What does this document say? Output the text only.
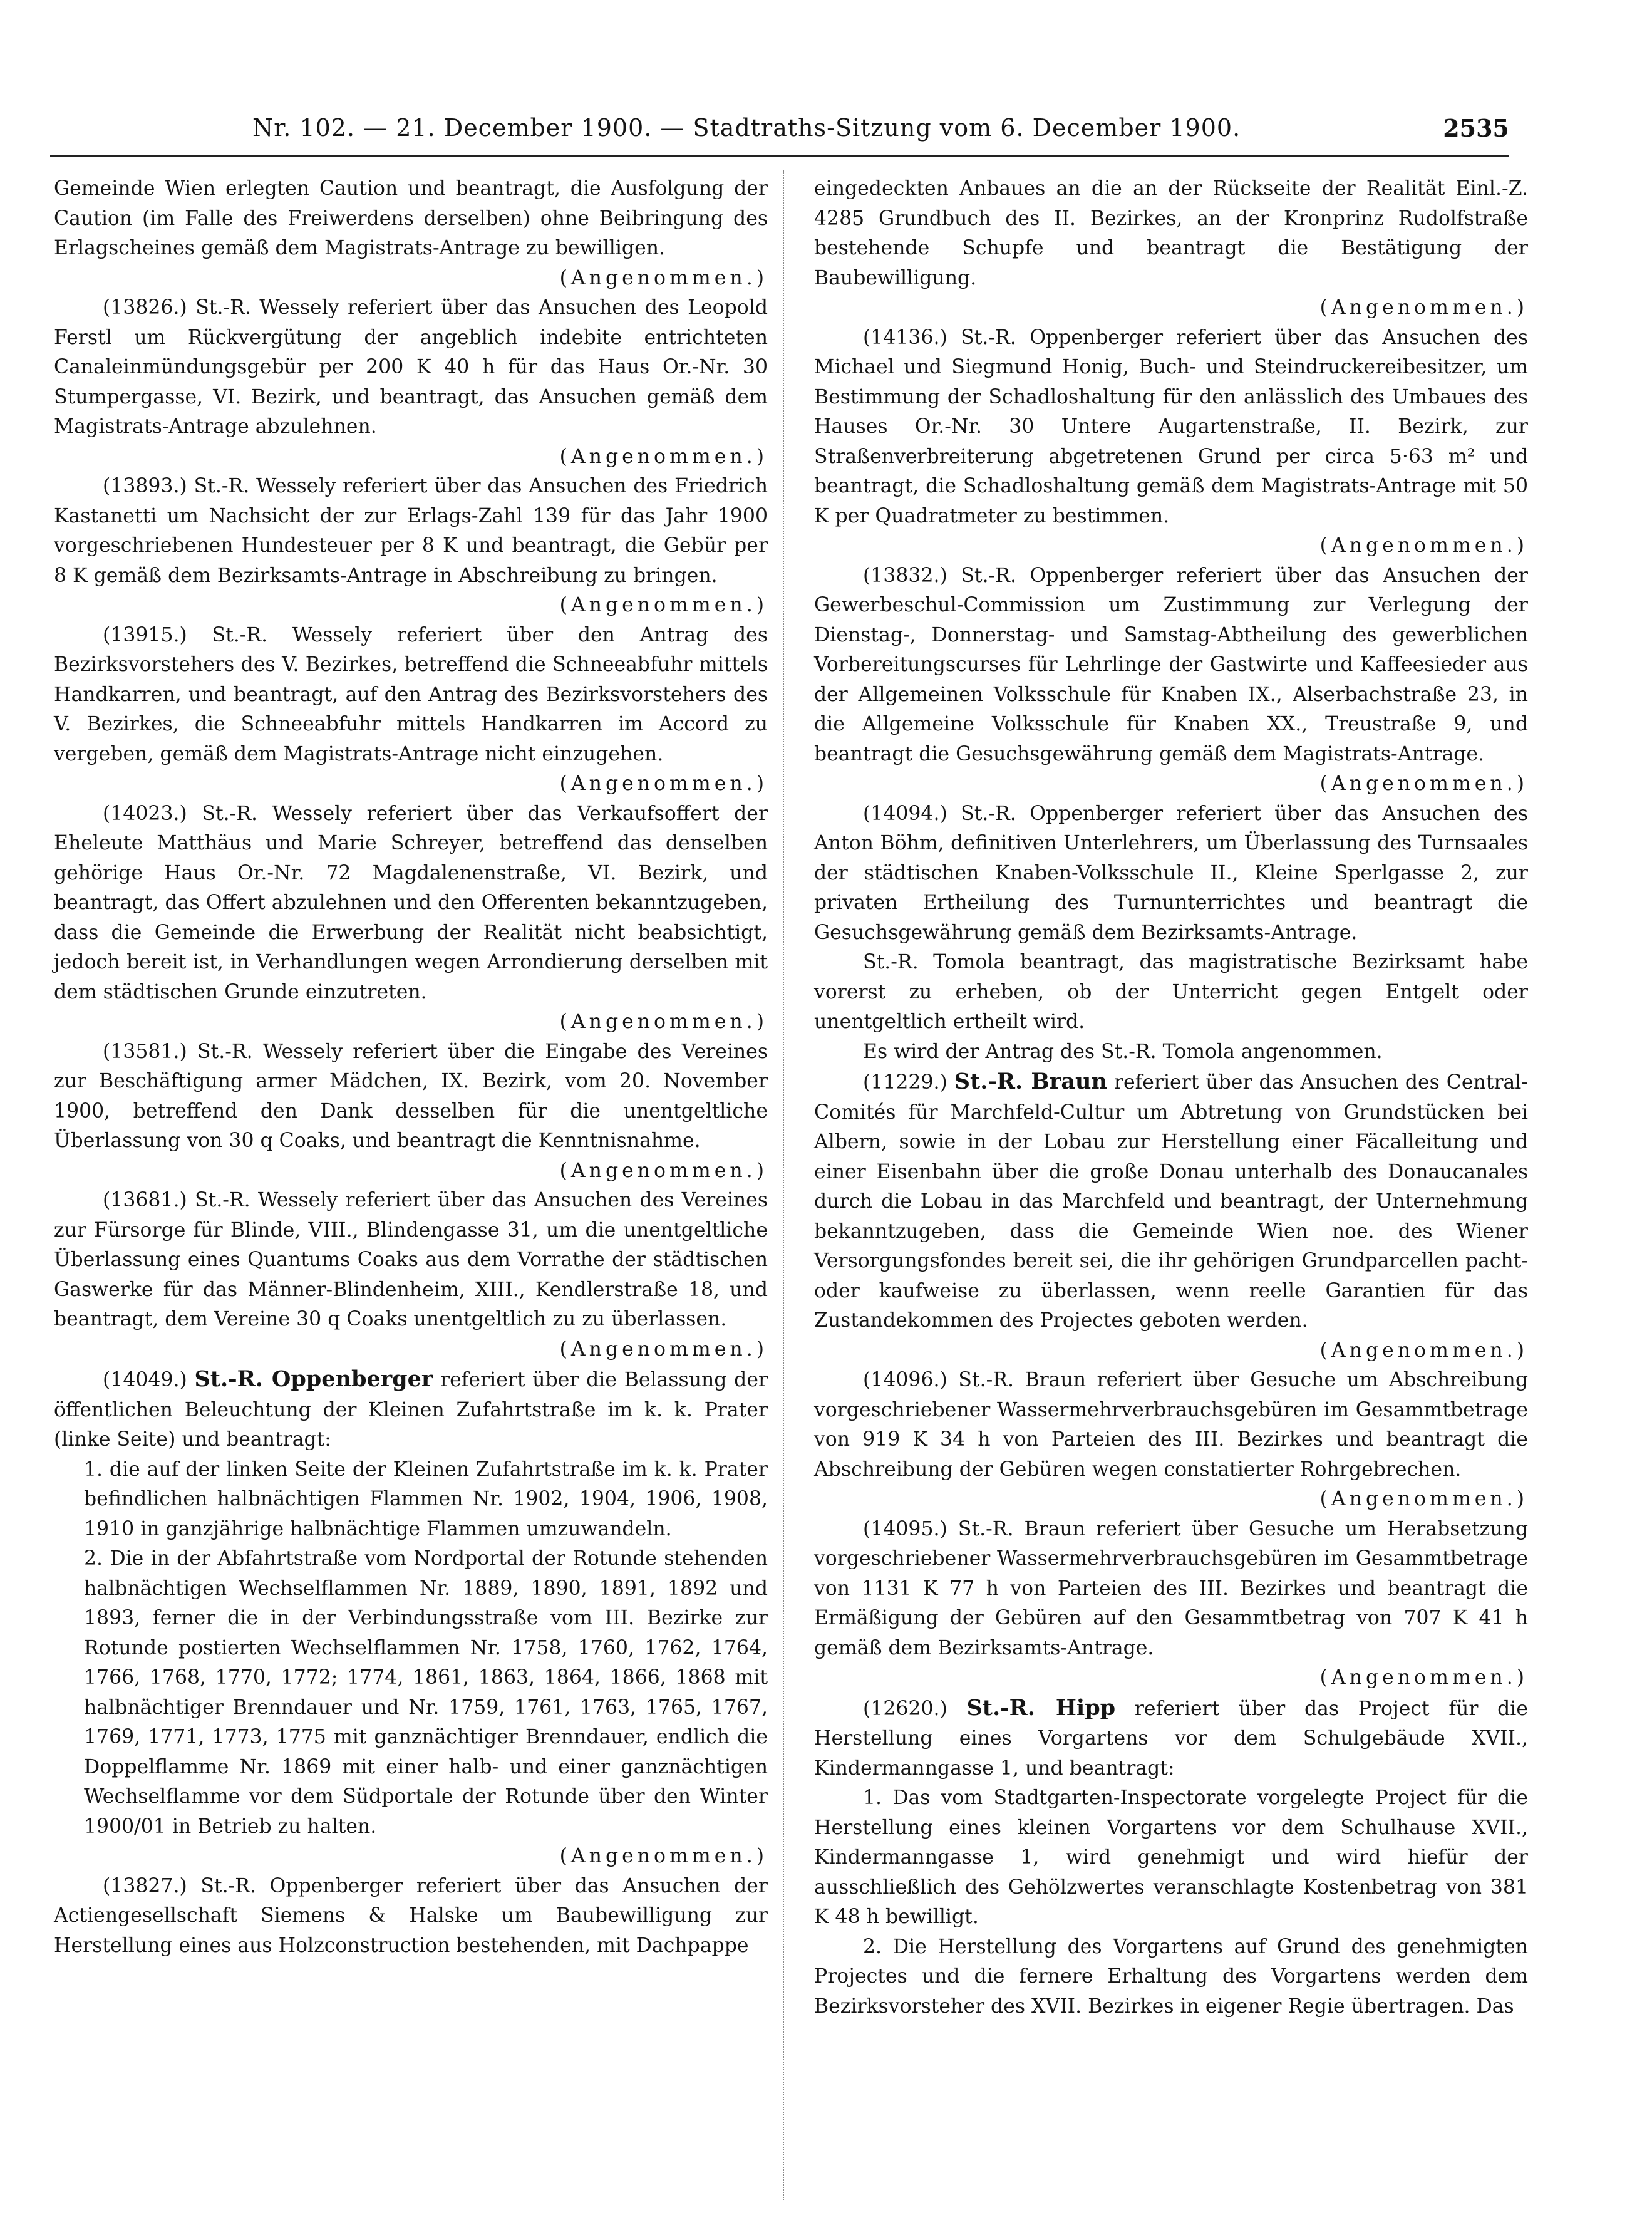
Nr. 102. — 21. December 1900. — Stadtraths-Sitzung vom 6. December 1900.	2535

Gemeinde Wien erlegten Caution und beantragt, die Ausfolgung der Caution (im Falle des Freiwerdens derselben) ohne Beibringung des Erlagscheines gemäß dem Magistrats-Antrage zu bewilligen.
(Angenommen.)

(13826.) St.-R. Wessely referiert über das Ansuchen des Leopold Ferstl um Rückvergütung der angeblich indebite entrichteten Canaleinmündungsgebür per 200 K 40 h für das Haus Or.-Nr. 30 Stumpergasse, VI. Bezirk, und beantragt, das Ansuchen gemäß dem Magistrats-Antrage abzulehnen.
(Angenommen.)

(13893.) St.-R. Wessely referiert über das Ansuchen des Friedrich Kastanetti um Nachsicht der zur Erlags-Zahl 139 für das Jahr 1900 vorgeschriebenen Hundesteuer per 8 K und beantragt, die Gebür per 8 K gemäß dem Bezirksamts-Antrage in Abschreibung zu bringen.
(Angenommen.)

(13915.) St.-R. Wessely referiert über den Antrag des Bezirksvorstehers des V. Bezirkes, betreffend die Schneeabfuhr mittels Handkarren, und beantragt, auf den Antrag des Bezirksvorstehers des V. Bezirkes, die Schneeabfuhr mittels Handkarren im Accord zu vergeben, gemäß dem Magistrats-Antrage nicht einzugehen.
(Angenommen.)

(14023.) St.-R. Wessely referiert über das Verkaufsoffert der Eheleute Matthäus und Marie Schreyer, betreffend das denselben gehörige Haus Or.-Nr. 72 Magdalenenstraße, VI. Bezirk, und beantragt, das Offert abzulehnen und den Offerenten bekanntzugeben, dass die Gemeinde die Erwerbung der Realität nicht beabsichtigt, jedoch bereit ist, in Verhandlungen wegen Arrondierung derselben mit dem städtischen Grunde einzutreten.
(Angenommen.)

(13581.) St.-R. Wessely referiert über die Eingabe des Vereines zur Beschäftigung armer Mädchen, IX. Bezirk, vom 20. November 1900, betreffend den Dank desselben für die unentgeltliche Überlassung von 30 q Coaks, und beantragt die Kenntnisnahme.
(Angenommen.)

(13681.) St.-R. Wessely referiert über das Ansuchen des Vereines zur Fürsorge für Blinde, VIII., Blindengasse 31, um die unentgeltliche Überlassung eines Quantums Coaks aus dem Vorrathe der städtischen Gaswerke für das Männer-Blindenheim, XIII., Kendlerstraße 18, und beantragt, dem Vereine 30 q Coaks unentgeltlich zu zu überlassen.
(Angenommen.)

(14049.) St.-R. Oppenberger referiert über die Belassung der öffentlichen Beleuchtung der Kleinen Zufahrtstraße im k. k. Prater (linke Seite) und beantragt:

1. die auf der linken Seite der Kleinen Zufahrtstraße im k. k. Prater befindlichen halbnächtigen Flammen Nr. 1902, 1904, 1906, 1908, 1910 in ganzjährige halbnächtige Flammen umzuwandeln.

2. Die in der Abfahrtstraße vom Nordportal der Rotunde stehenden halbnächtigen Wechselflammen Nr. 1889, 1890, 1891, 1892 und 1893, ferner die in der Verbindungsstraße vom III. Bezirke zur Rotunde postierten Wechselflammen Nr. 1758, 1760, 1762, 1764, 1766, 1768, 1770, 1772; 1774, 1861, 1863, 1864, 1866, 1868 mit halbnächtiger Brenndauer und Nr. 1759, 1761, 1763, 1765, 1767, 1769, 1771, 1773, 1775 mit ganznächtiger Brenndauer, endlich die Doppelflamme Nr. 1869 mit einer halb- und einer ganznächtigen Wechselflamme vor dem Südportale der Rotunde über den Winter 1900/01 in Betrieb zu halten.
(Angenommen.)

(13827.) St.-R. Oppenberger referiert über das Ansuchen der Actiengesellschaft Siemens & Halske um Baubewilligung zur Herstellung eines aus Holzconstruction bestehenden, mit Dachpappe

eingedeckten Anbaues an die an der Rückseite der Realität Einl.-Z. 4285 Grundbuch des II. Bezirkes, an der Kronprinz Rudolfstraße bestehende Schupfe und beantragt die Bestätigung der Baubewilligung.
(Angenommen.)

(14136.) St.-R. Oppenberger referiert über das Ansuchen des Michael und Siegmund Honig, Buch- und Steindruckereibesitzer, um Bestimmung der Schadloshaltung für den anlässlich des Umbaues des Hauses Or.-Nr. 30 Untere Augartenstraße, II. Bezirk, zur Straßenverbreiterung abgetretenen Grund per circa 5·63 m² und beantragt, die Schadloshaltung gemäß dem Magistrats-Antrage mit 50 K per Quadratmeter zu bestimmen.
(Angenommen.)

(13832.) St.-R. Oppenberger referiert über das Ansuchen der Gewerbeschul-Commission um Zustimmung zur Verlegung der Dienstag-, Donnerstag- und Samstag-Abtheilung des gewerblichen Vorbereitungscurses für Lehrlinge der Gastwirte und Kaffeesieder aus der Allgemeinen Volksschule für Knaben IX., Alserbachstraße 23, in die Allgemeine Volksschule für Knaben XX., Treustraße 9, und beantragt die Gesuchsgewährung gemäß dem Magistrats-Antrage.
(Angenommen.)

(14094.) St.-R. Oppenberger referiert über das Ansuchen des Anton Böhm, definitiven Unterlehrers, um Überlassung des Turnsaales der städtischen Knaben-Volksschule II., Kleine Sperlgasse 2, zur privaten Ertheilung des Turnunterrichtes und beantragt die Gesuchsgewährung gemäß dem Bezirksamts-Antrage.

St.-R. Tomola beantragt, das magistratische Bezirksamt habe vorerst zu erheben, ob der Unterricht gegen Entgelt oder unentgeltlich ertheilt wird.

Es wird der Antrag des St.-R. Tomola angenommen.

(11229.) St.-R. Braun referiert über das Ansuchen des Central-Comités für Marchfeld-Cultur um Abtretung von Grundstücken bei Albern, sowie in der Lobau zur Herstellung einer Fäcalleitung und einer Eisenbahn über die große Donau unterhalb des Donaucanales durch die Lobau in das Marchfeld und beantragt, der Unternehmung bekanntzugeben, dass die Gemeinde Wien noe. des Wiener Versorgungsfondes bereit sei, die ihr gehörigen Grundparcellen pacht- oder kaufweise zu überlassen, wenn reelle Garantien für das Zustandekommen des Projectes geboten werden.
(Angenommen.)

(14096.) St.-R. Braun referiert über Gesuche um Abschreibung vorgeschriebener Wassermehrverbrauchsgebüren im Gesammtbetrage von 919 K 34 h von Parteien des III. Bezirkes und beantragt die Abschreibung der Gebüren wegen constatierter Rohrgebrechen.
(Angenommen.)

(14095.) St.-R. Braun referiert über Gesuche um Herabsetzung vorgeschriebener Wassermehrverbrauchsgebüren im Gesammtbetrage von 1131 K 77 h von Parteien des III. Bezirkes und beantragt die Ermäßigung der Gebüren auf den Gesammtbetrag von 707 K 41 h gemäß dem Bezirksamts-Antrage.
(Angenommen.)

(12620.) St.-R. Hipp referiert über das Project für die Herstellung eines Vorgartens vor dem Schulgebäude XVII., Kindermanngasse 1, und beantragt:

1. Das vom Stadtgarten-Inspectorate vorgelegte Project für die Herstellung eines kleinen Vorgartens vor dem Schulhause XVII., Kindermanngasse 1, wird genehmigt und wird hiefür der ausschließlich des Gehölzwertes veranschlagte Kostenbetrag von 381 K 48 h bewilligt.

2. Die Herstellung des Vorgartens auf Grund des genehmigten Projectes und die fernere Erhaltung des Vorgartens werden dem Bezirksvorsteher des XVII. Bezirkes in eigener Regie übertragen. Das
